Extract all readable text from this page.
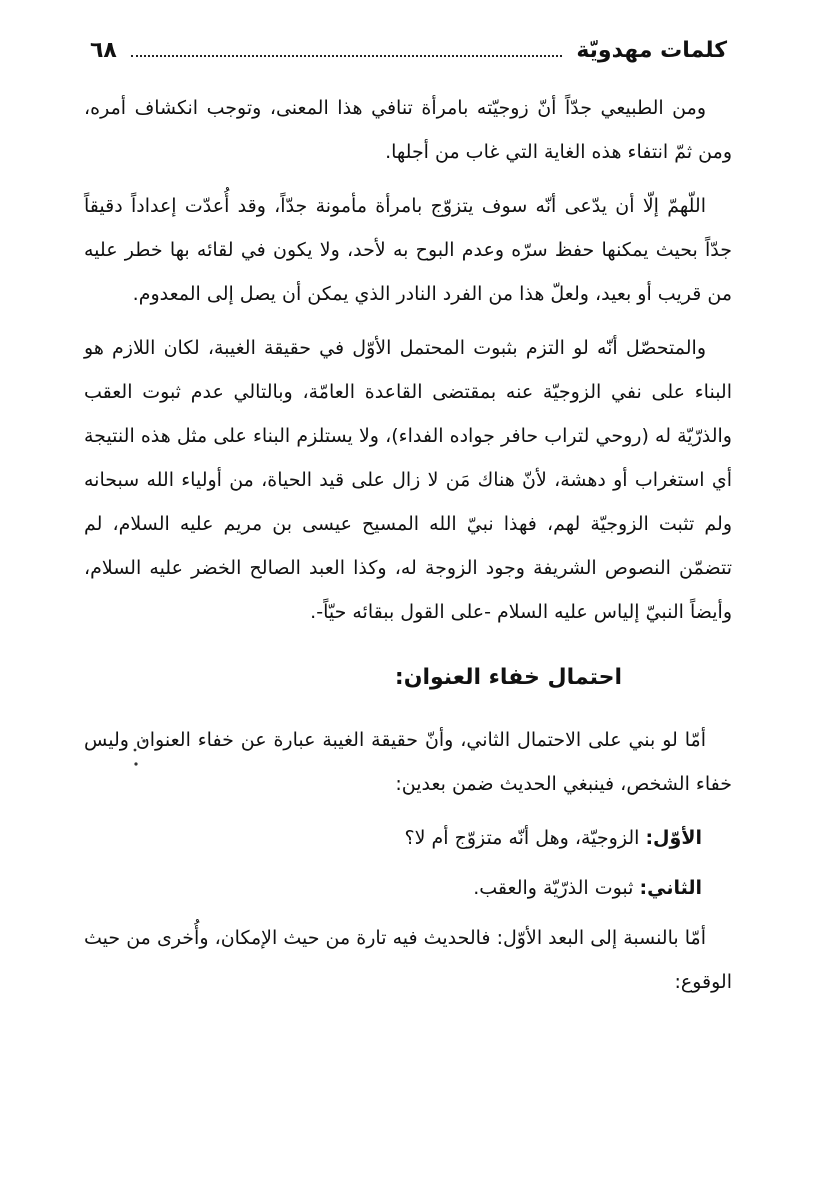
كلمات مهدويّة
٦٨

ومن الطبيعي جدّاً أنّ زوجيّته بامرأة تنافي هذا المعنى، وتوجب انكشاف أمره، ومن ثمّ انتفاء هذه الغاية التي غاب من أجلها.

اللّهمّ إلّا أن يدّعى أنّه سوف يتزوّج بامرأة مأمونة جدّاً، وقد أُعدّت إعداداً دقيقاً جدّاً بحيث يمكنها حفظ سرّه وعدم البوح به لأحد، ولا يكون في لقائه بها خطر عليه من قريب أو بعيد، ولعلّ هذا من الفرد النادر الذي يمكن أن يصل إلى المعدوم.

والمتحصّل أنّه لو التزم بثبوت المحتمل الأوّل في حقيقة الغيبة، لكان اللازم هو البناء على نفي الزوجيّة عنه بمقتضى القاعدة العامّة، وبالتالي عدم ثبوت العقب والذرّيّة له (روحي لتراب حافر جواده الفداء)، ولا يستلزم البناء على مثل هذه النتيجة أي استغراب أو دهشة، لأنّ هناك مَن لا زال على قيد الحياة، من أولياء الله سبحانه ولم تثبت الزوجيّة لهم، فهذا نبيّ الله المسيح عيسى بن مريم عليه السلام، لم تتضمّن النصوص الشريفة وجود الزوجة له، وكذا العبد الصالح الخضر عليه السلام، وأيضاً النبيّ إلياس عليه السلام -على القول ببقائه حيّاً-.

احتمال خفاء العنوان:

أمّا لو بني على الاحتمال الثاني، وأنّ حقيقة الغيبة عبارة عن خفاء العنوان وليس خفاء الشخص، فينبغي الحديث ضمن بعدين:

الأوّل: الزوجيّة، وهل أنّه متزوّج أم لا؟

الثاني: ثبوت الذرّيّة والعقب.

أمّا بالنسبة إلى البعد الأوّل: فالحديث فيه تارة من حيث الإمكان، وأُخرى من حيث الوقوع:
